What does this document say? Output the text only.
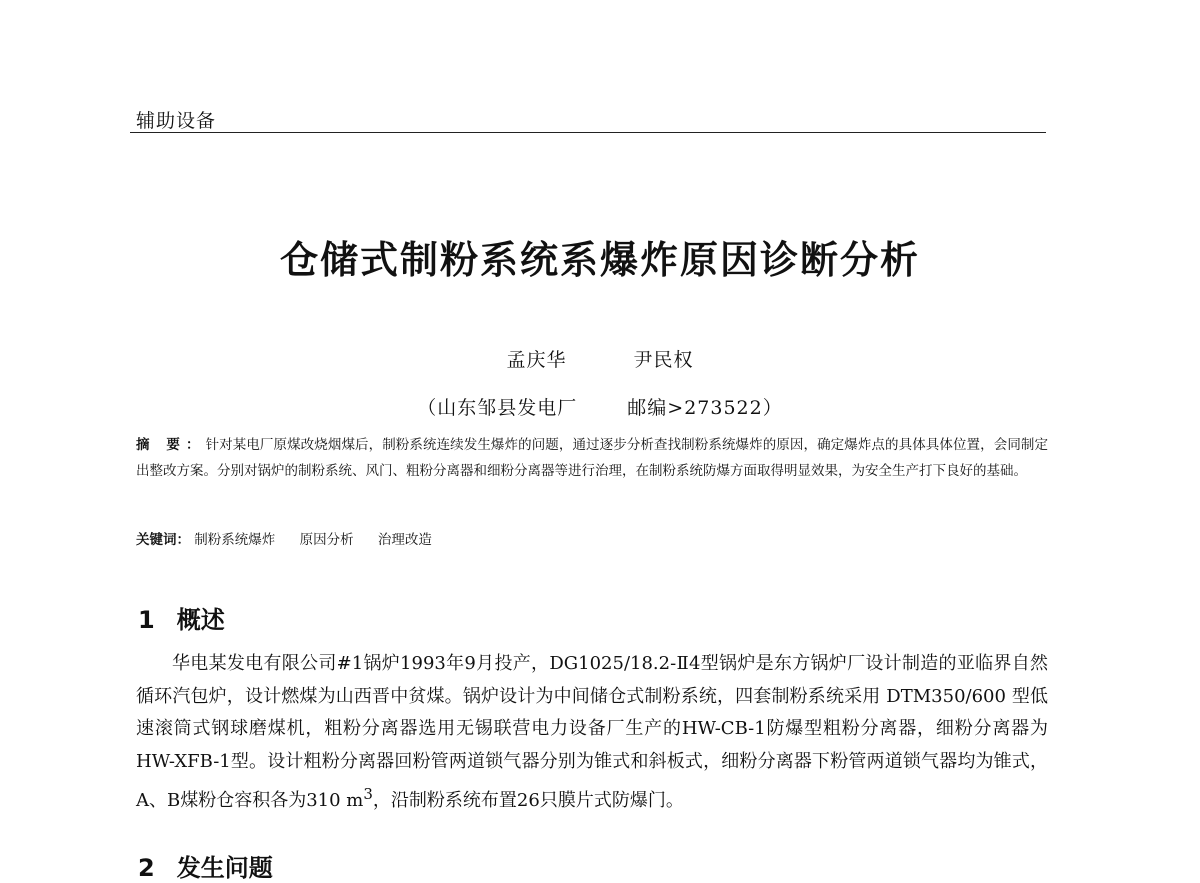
辅助设备
仓储式制粉系统系爆炸原因诊断分析
孟庆华	尹民权
（山东邹县发电厂	邮编>273522）
摘 要：针对某电厂原煤改烧烟煤后，制粉系统连续发生爆炸的问题，通过逐步分析查找制粉系统爆炸的原因，确定爆炸点的具体具体位置，会同制定出整改方案。分别对锅炉的制粉系统、风门、粗粉分离器和细粉分离器等进行治理，在制粉系统防爆方面取得明显效果，为安全生产打下良好的基础。
关键词： 制粉系统爆炸 原因分析 治理改造
1 概述
华电某发电有限公司#1锅炉1993年9月投产，DG1025/18.2-Ⅱ4型锅炉是东方锅炉厂设计制造的亚临界自然循环汽包炉，设计燃煤为山西晋中贫煤。锅炉设计为中间储仓式制粉系统，四套制粉系统采用 DTM350/600 型低速滚筒式钢球磨煤机，粗粉分离器选用无锡联营电力设备厂生产的HW-CB-1防爆型粗粉分离器，细粉分离器为HW-XFB-1型。设计粗粉分离器回粉管两道锁气器分别为锥式和斜板式，细粉分离器下粉管两道锁气器均为锥式，A、B煤粉仓容积各为310 $m^3$，沿制粉系统布置26只膜片式防爆门。
2 发生问题
